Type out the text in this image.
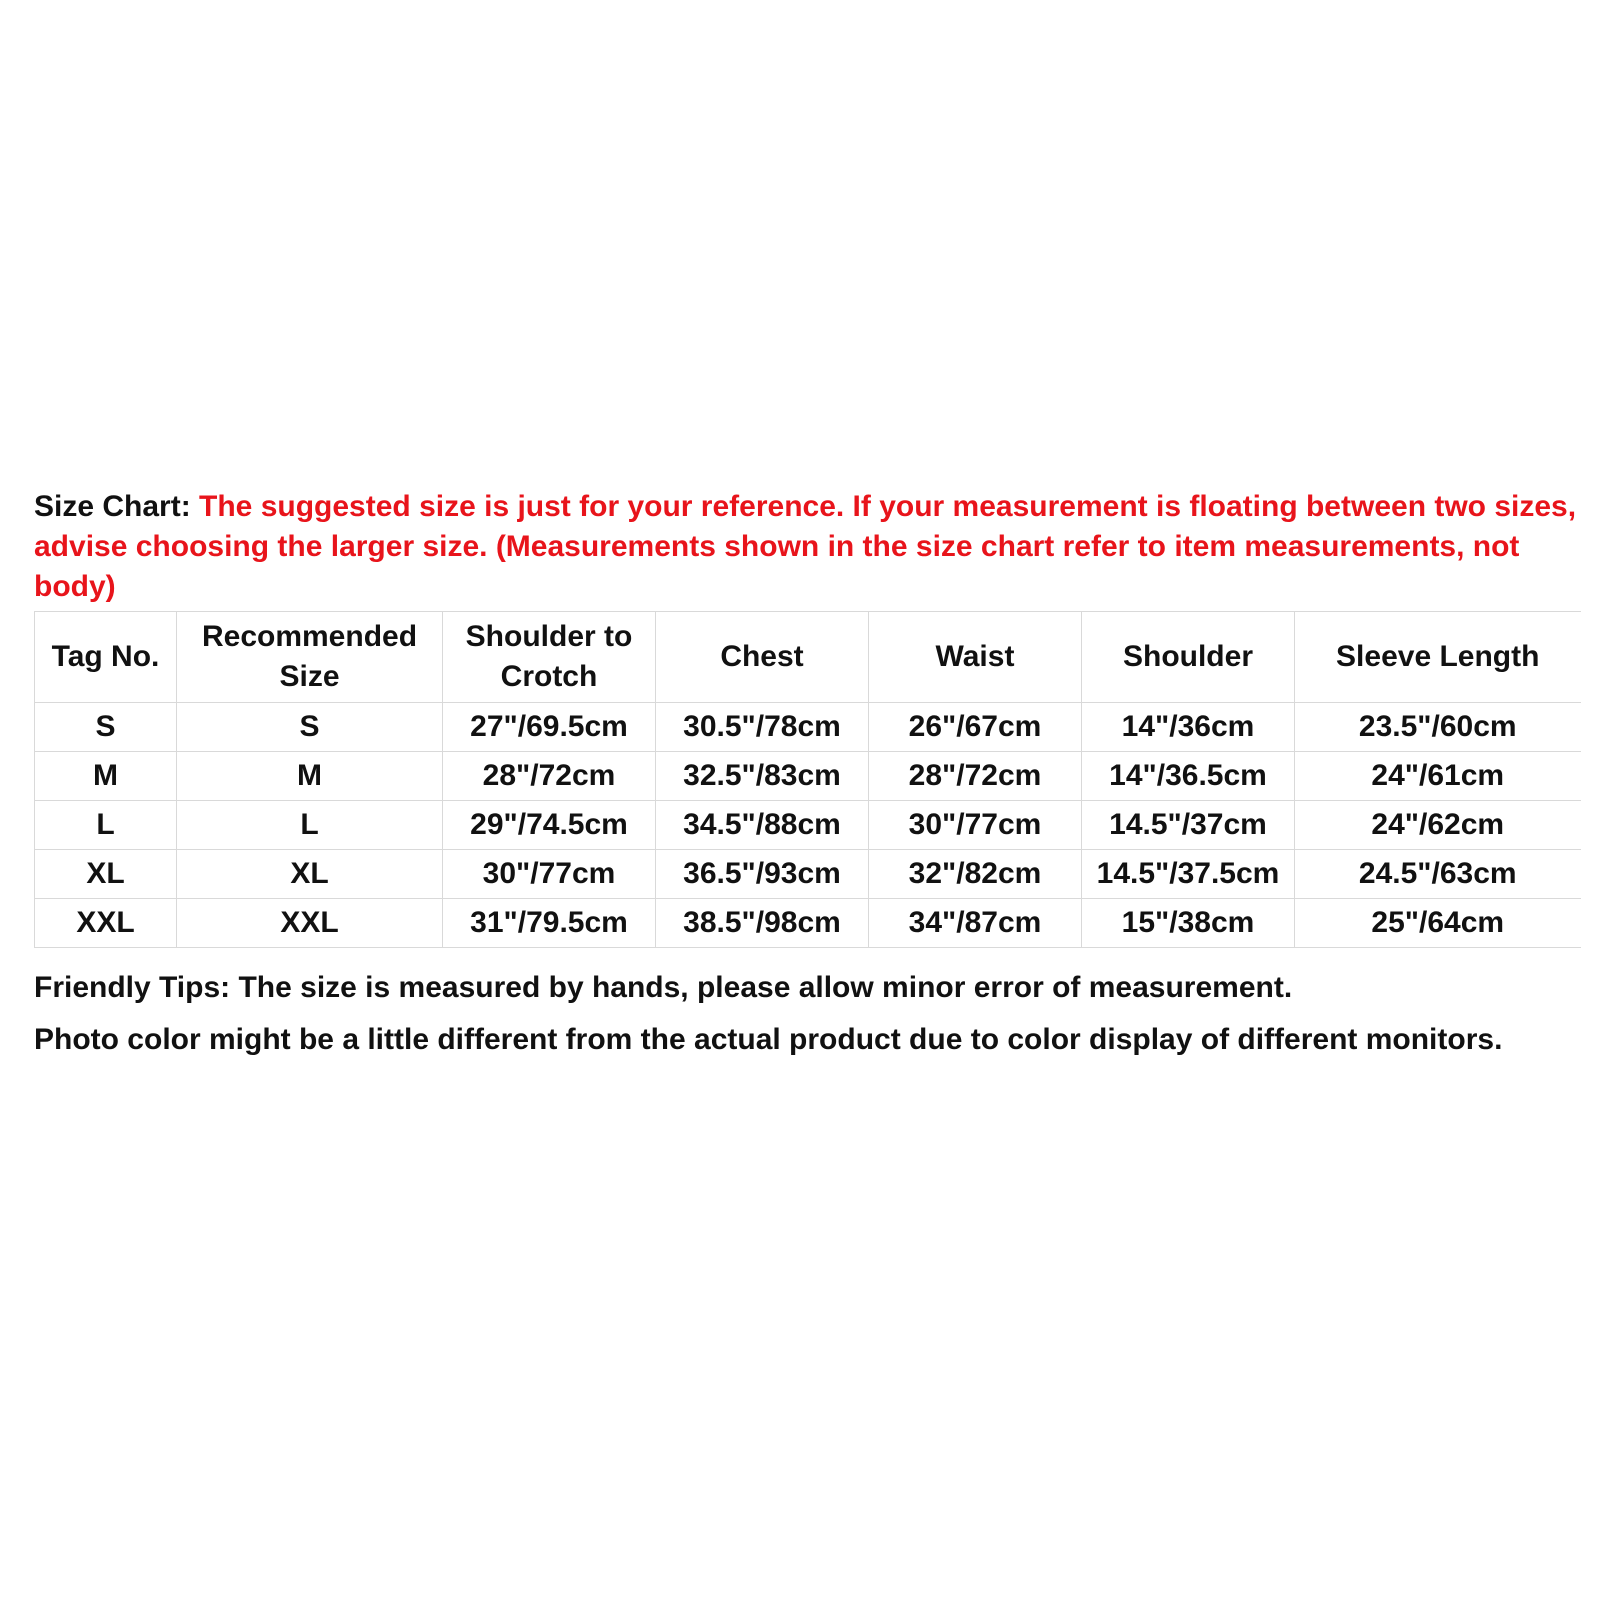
Size Chart: The suggested size is just for your reference. If your measurement is floating between two sizes, advise choosing the larger size. (Measurements shown in the size chart refer to item measurements, not body)

Tag No.	Recommended Size	Shoulder to Crotch	Chest	Waist	Shoulder	Sleeve Length
S	S	27"/69.5cm	30.5"/78cm	26"/67cm	14"/36cm	23.5"/60cm
M	M	28"/72cm	32.5"/83cm	28"/72cm	14"/36.5cm	24"/61cm
L	L	29"/74.5cm	34.5"/88cm	30"/77cm	14.5"/37cm	24"/62cm
XL	XL	30"/77cm	36.5"/93cm	32"/82cm	14.5"/37.5cm	24.5"/63cm
XXL	XXL	31"/79.5cm	38.5"/98cm	34"/87cm	15"/38cm	25"/64cm

Friendly Tips: The size is measured by hands, please allow minor error of measurement.

Photo color might be a little different from the actual product due to color display of different monitors.
